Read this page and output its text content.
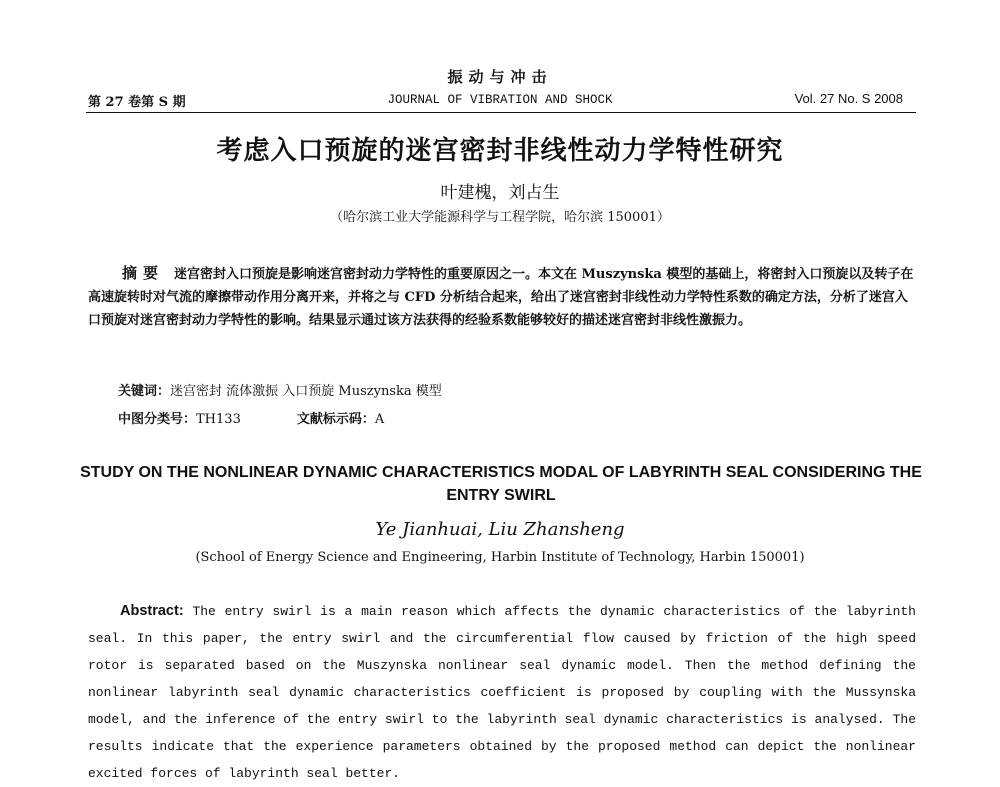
振动与冲击
第 27 卷第 S 期	JOURNAL OF VIBRATION AND SHOCK	Vol. 27 No. S 2008
考虑入口预旋的迷宫密封非线性动力学特性研究
叶建槐，刘占生
（哈尔滨工业大学能源科学与工程学院，哈尔滨 150001）
摘要 迷宫密封入口预旋是影响迷宫密封动力学特性的重要原因之一。本文在 Muszynska 模型的基础上，将密封入口预旋以及转子在高速旋转时对气流的摩擦带动作用分离开来，并将之与 CFD 分析结合起来，给出了迷宫密封非线性动力学特性系数的确定方法，分析了迷宫入口预旋对迷宫密封动力学特性的影响。结果显示通过该方法获得的经验系数能够较好的描述迷宫密封非线性激振力。
关键词：迷宫密封 流体激振 入口预旋 Muszynska 模型
中图分类号：TH133	文献标示码：A
STUDY ON THE NONLINEAR DYNAMIC CHARACTERISTICS MODAL OF LABYRINTH SEAL CONSIDERING THE ENTRY SWIRL
Ye Jianhuai, Liu Zhansheng
(School of Energy Science and Engineering, Harbin Institute of Technology, Harbin 150001)
Abstract: The entry swirl is a main reason which affects the dynamic characteristics of the labyrinth seal. In this paper, the entry swirl and the circumferential flow caused by friction of the high speed rotor is separated based on the Muszynska nonlinear seal dynamic model. Then the method defining the nonlinear labyrinth seal dynamic characteristics coefficient is proposed by coupling with the Mussynska model, and the inference of the entry swirl to the labyrinth seal dynamic characteristics is analysed. The results indicate that the experience parameters obtained by the proposed method can depict the nonlinear excited forces of labyrinth seal better.
